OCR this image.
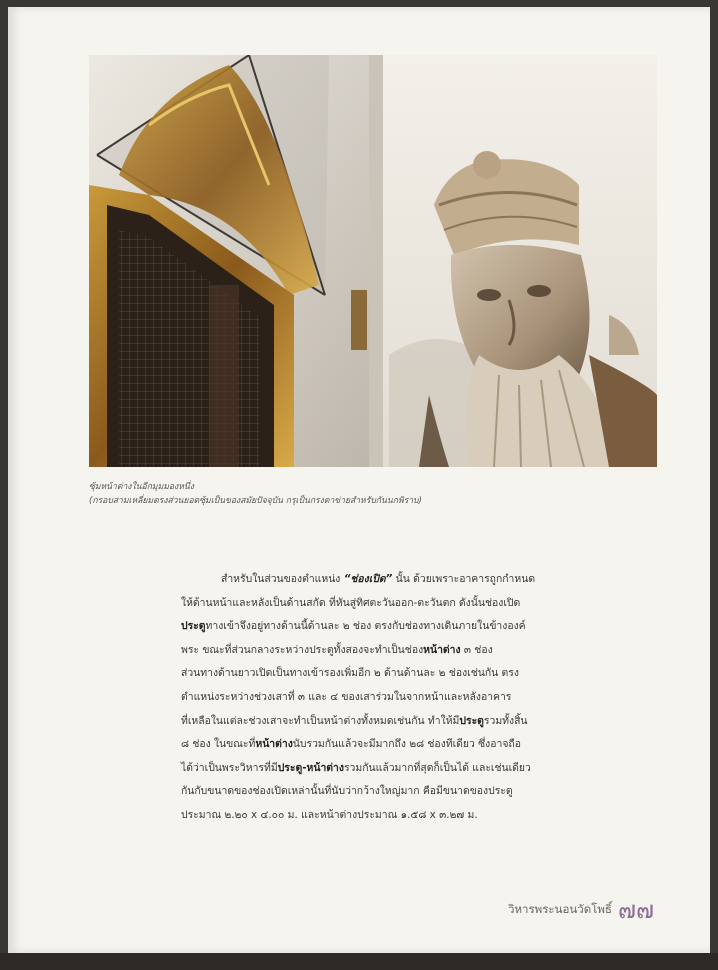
ซุ้มหน้าต่างในอีกมุมมองหนึ่ง
(กรอบสามเหลี่ยมตรงส่วนยอดซุ้มเป็นของสมัยปัจจุบัน กรุเป็นกรงตาข่ายสำหรับกันนกพิราบ)
สำหรับในส่วนของตำแหน่ง “ช่องเปิด” นั้น ด้วยเพราะอาคารถูกกำหนด
ให้ด้านหน้าและหลังเป็นด้านสกัด ที่หันสู่ทิศตะวันออก-ตะวันตก ดังนั้นช่องเปิด
ประตูทางเข้าจึงอยู่ทางด้านนี้ด้านละ ๒ ช่อง ตรงกับช่องทางเดินภายในข้างองค์
พระ ขณะที่ส่วนกลางระหว่างประตูทั้งสองจะทำเป็นช่องหน้าต่าง ๓ ช่อง
ส่วนทางด้านยาวเปิดเป็นทางเข้ารองเพิ่มอีก ๒ ด้านด้านละ ๒ ช่องเช่นกัน ตรง
ตำแหน่งระหว่างช่วงเสาที่ ๓ และ ๔ ของเสาร่วมในจากหน้าและหลังอาคาร
ที่เหลือในแต่ละช่วงเสาจะทำเป็นหน้าต่างทั้งหมดเช่นกัน ทำให้มีประตูรวมทั้งสิ้น
๘ ช่อง ในขณะที่หน้าต่างนับรวมกันแล้วจะมีมากถึง ๒๘ ช่องทีเดียว ซึ่งอาจถือ
ได้ว่าเป็นพระวิหารที่มีประตู-หน้าต่างรวมกันแล้วมากที่สุดก็เป็นได้ และเช่นเดียว
กันกับขนาดของช่องเปิดเหล่านั้นที่นับว่ากว้างใหญ่มาก คือมีขนาดของประตู
ประมาณ ๒.๒๐ x ๔.๐๐ ม. และหน้าต่างประมาณ ๑.๕๘ x ๓.๒๗ ม.
วิหารพระนอนวัดโพธิ์ ๗๗
